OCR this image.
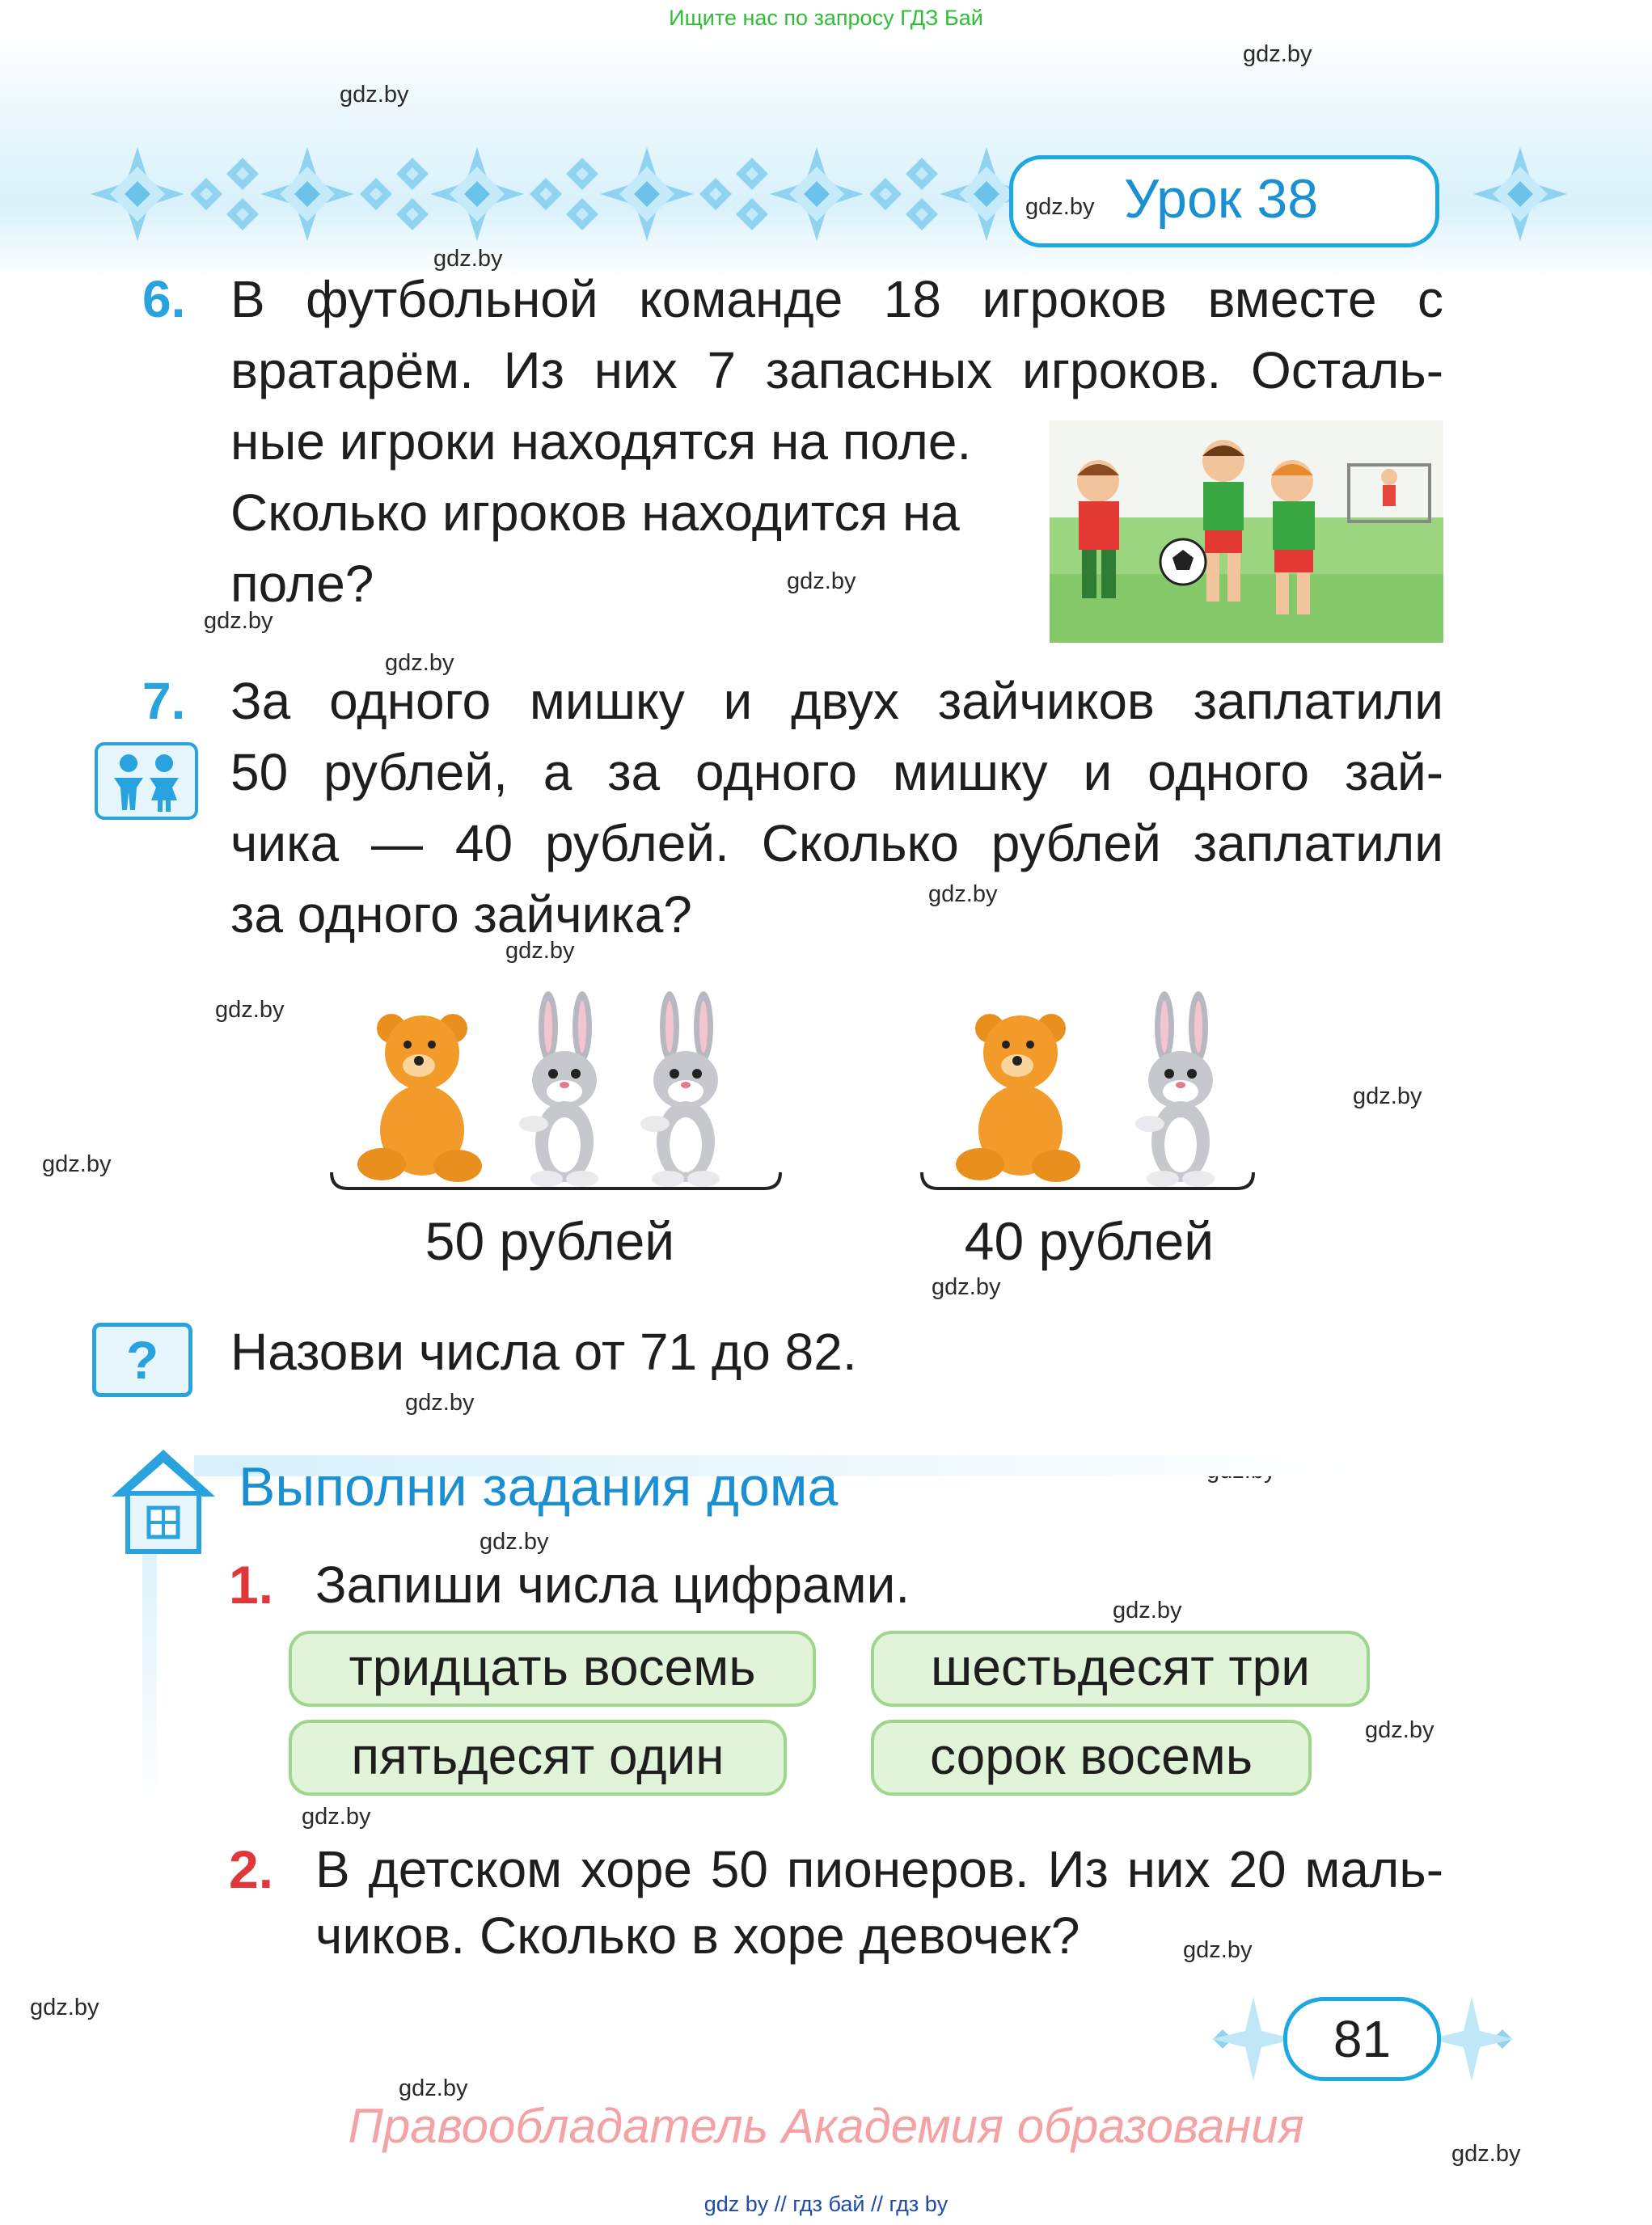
Ищите нас по запросу ГДЗ Бай
gdz.by Урок 38
gdz.by
gdz.by
gdz.by
gdz.by
gdz.by
gdz.by
gdz.by
gdz.by
gdz.by
gdz.by
gdz.by
gdz.by
gdz.by
gdz.by
gdz.by
gdz.by
gdz.by
gdz.by
gdz.by
gdz.by
gdz.by
6. В футбольной команде 18 игроков вместе с
вратарём. Из них 7 запасных игроков. Осталь-
ные игроки находятся на поле.
Сколько игроков находится на
поле?
7. За одного мишку и двух зайчиков заплатили
50 рублей, а за одного мишку и одного зай-
чика — 40 рублей. Сколько рублей заплатили
за одного зайчика?
50 рублей	40 рублей
?	Назови числа от 71 до 82.
Выполни задания дома
1. Запиши числа цифрами.
тридцать восемь	шестьдесят три
пятьдесят один	сорок восемь
2. В детском хоре 50 пионеров. Из них 20 маль-
чиков. Сколько в хоре девочек?
81
Правообладатель Академия образования
gdz by // гдз бай // гдз by
